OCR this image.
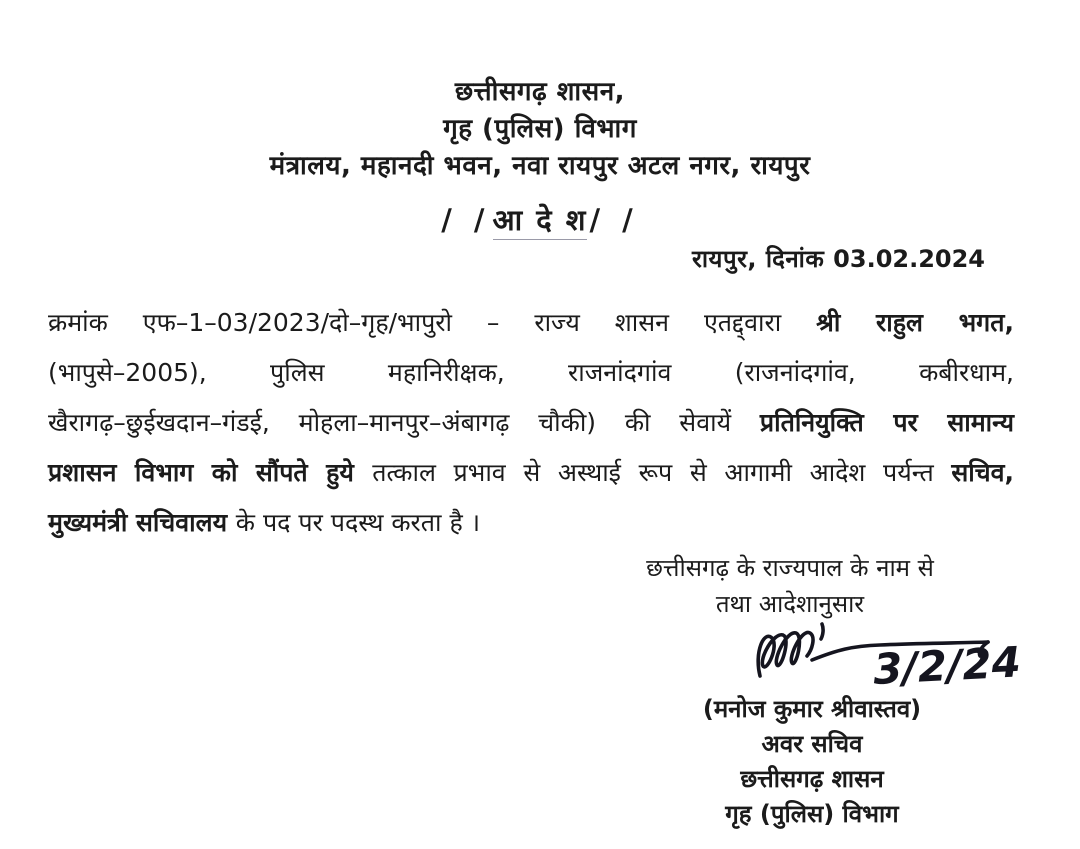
छत्तीसगढ़ शासन,
गृह (पुलिस) विभाग
मंत्रालय, महानदी भवन, नवा रायपुर अटल नगर, रायपुर
/ /आ दे श/ /
रायपुर, दिनांक 03.02.2024
क्रमांक एफ–1–03/2023/दो–गृह/भापुरो – राज्य शासन एतद्द्वारा श्री राहुल भगत,
(भापुसे–2005), पुलिस महानिरीक्षक, राजनांदगांव (राजनांदगांव, कबीरधाम,
खैरागढ़–छुईखदान–गंडई, मोहला–मानपुर–अंबागढ़ चौकी) की सेवायें प्रतिनियुक्ति पर सामान्य
प्रशासन विभाग को सौंपते हुये तत्काल प्रभाव से अस्थाई रूप से आगामी आदेश पर्यन्त सचिव,
मुख्यमंत्री सचिवालय के पद पर पदस्थ करता है ।
छत्तीसगढ़ के राज्यपाल के नाम से
तथा आदेशानुसार
3/2/24
(मनोज कुमार श्रीवास्तव)
अवर सचिव
छत्तीसगढ़ शासन
गृह (पुलिस) विभाग
